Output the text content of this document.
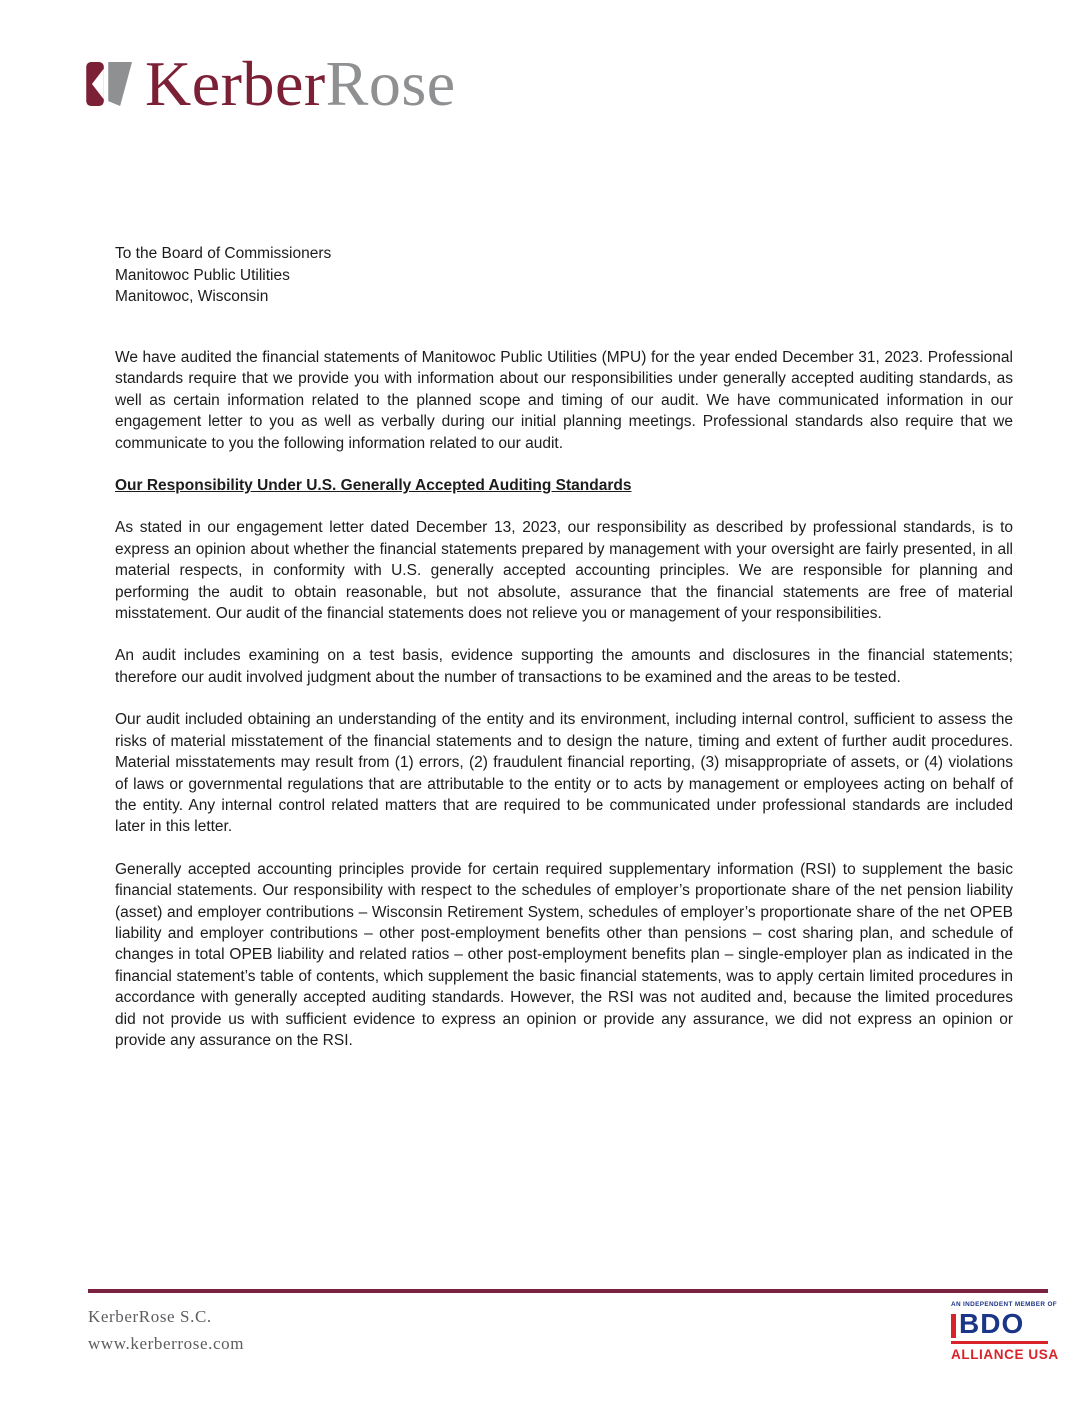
KerberRose
To the Board of Commissioners
Manitowoc Public Utilities
Manitowoc, Wisconsin

We have audited the financial statements of Manitowoc Public Utilities (MPU) for the year ended December 31, 2023. Professional standards require that we provide you with information about our responsibilities under generally accepted auditing standards, as well as certain information related to the planned scope and timing of our audit. We have communicated information in our engagement letter to you as well as verbally during our initial planning meetings. Professional standards also require that we communicate to you the following information related to our audit.

Our Responsibility Under U.S. Generally Accepted Auditing Standards

As stated in our engagement letter dated December 13, 2023, our responsibility as described by professional standards, is to express an opinion about whether the financial statements prepared by management with your oversight are fairly presented, in all material respects, in conformity with U.S. generally accepted accounting principles. We are responsible for planning and performing the audit to obtain reasonable, but not absolute, assurance that the financial statements are free of material misstatement. Our audit of the financial statements does not relieve you or management of your responsibilities.

An audit includes examining on a test basis, evidence supporting the amounts and disclosures in the financial statements; therefore our audit involved judgment about the number of transactions to be examined and the areas to be tested.

Our audit included obtaining an understanding of the entity and its environment, including internal control, sufficient to assess the risks of material misstatement of the financial statements and to design the nature, timing and extent of further audit procedures. Material misstatements may result from (1) errors, (2) fraudulent financial reporting, (3) misappropriate of assets, or (4) violations of laws or governmental regulations that are attributable to the entity or to acts by management or employees acting on behalf of the entity. Any internal control related matters that are required to be communicated under professional standards are included later in this letter.

Generally accepted accounting principles provide for certain required supplementary information (RSI) to supplement the basic financial statements. Our responsibility with respect to the schedules of employer’s proportionate share of the net pension liability (asset) and employer contributions – Wisconsin Retirement System, schedules of employer’s proportionate share of the net OPEB liability and employer contributions – other post-employment benefits other than pensions – cost sharing plan, and schedule of changes in total OPEB liability and related ratios – other post-employment benefits plan – single-employer plan as indicated in the financial statement’s table of contents, which supplement the basic financial statements, was to apply certain limited procedures in accordance with generally accepted auditing standards. However, the RSI was not audited and, because the limited procedures did not provide us with sufficient evidence to express an opinion or provide any assurance, we did not express an opinion or provide any assurance on the RSI.

KerberRose S.C.
www.kerberrose.com
AN INDEPENDENT MEMBER OF
BDO
ALLIANCE USA
